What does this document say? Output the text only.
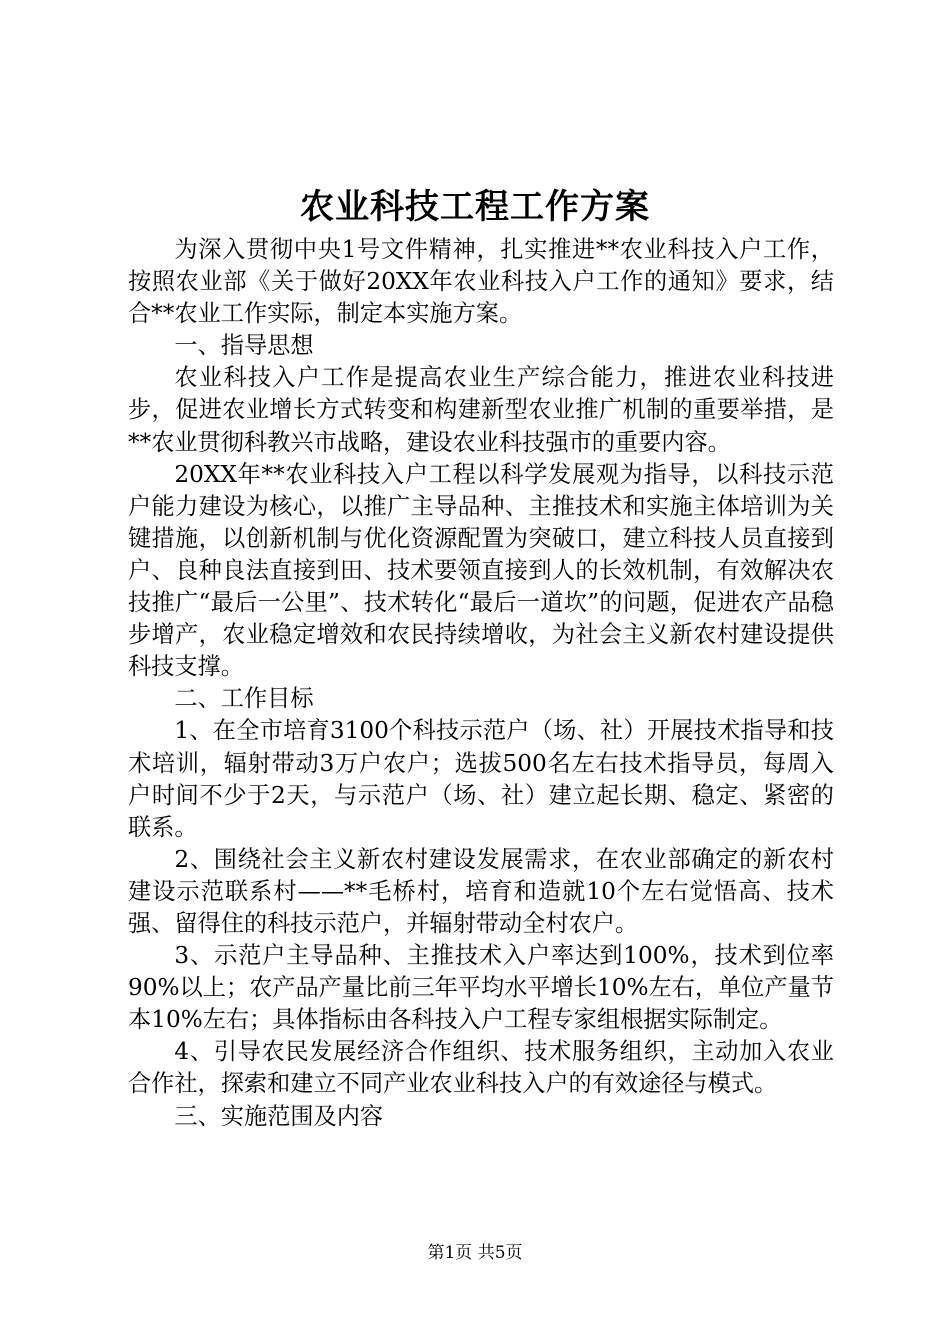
农业科技工程工作方案

为深入贯彻中央1号文件精神，扎实推进**农业科技入户工作，按照农业部《关于做好20XX年农业科技入户工作的通知》要求，结合**农业工作实际，制定本实施方案。

一、指导思想

农业科技入户工作是提高农业生产综合能力，推进农业科技进步，促进农业增长方式转变和构建新型农业推广机制的重要举措，是**农业贯彻科教兴市战略，建设农业科技强市的重要内容。

20XX年**农业科技入户工程以科学发展观为指导，以科技示范户能力建设为核心，以推广主导品种、主推技术和实施主体培训为关键措施，以创新机制与优化资源配置为突破口，建立科技人员直接到户、良种良法直接到田、技术要领直接到人的长效机制，有效解决农技推广“最后一公里”、技术转化“最后一道坎”的问题，促进农产品稳步增产，农业稳定增效和农民持续增收，为社会主义新农村建设提供科技支撑。

二、工作目标

1、在全市培育3100个科技示范户（场、社）开展技术指导和技术培训，辐射带动3万户农户；选拔500名左右技术指导员，每周入户时间不少于2天，与示范户（场、社）建立起长期、稳定、紧密的联系。

2、围绕社会主义新农村建设发展需求，在农业部确定的新农村建设示范联系村——**毛桥村，培育和造就10个左右觉悟高、技术强、留得住的科技示范户，并辐射带动全村农户。

3、示范户主导品种、主推技术入户率达到100%，技术到位率90%以上；农产品产量比前三年平均水平增长10%左右，单位产量节本10%左右；具体指标由各科技入户工程专家组根据实际制定。

4、引导农民发展经济合作组织、技术服务组织，主动加入农业合作社，探索和建立不同产业农业科技入户的有效途径与模式。

三、实施范围及内容

第1页 共5页
